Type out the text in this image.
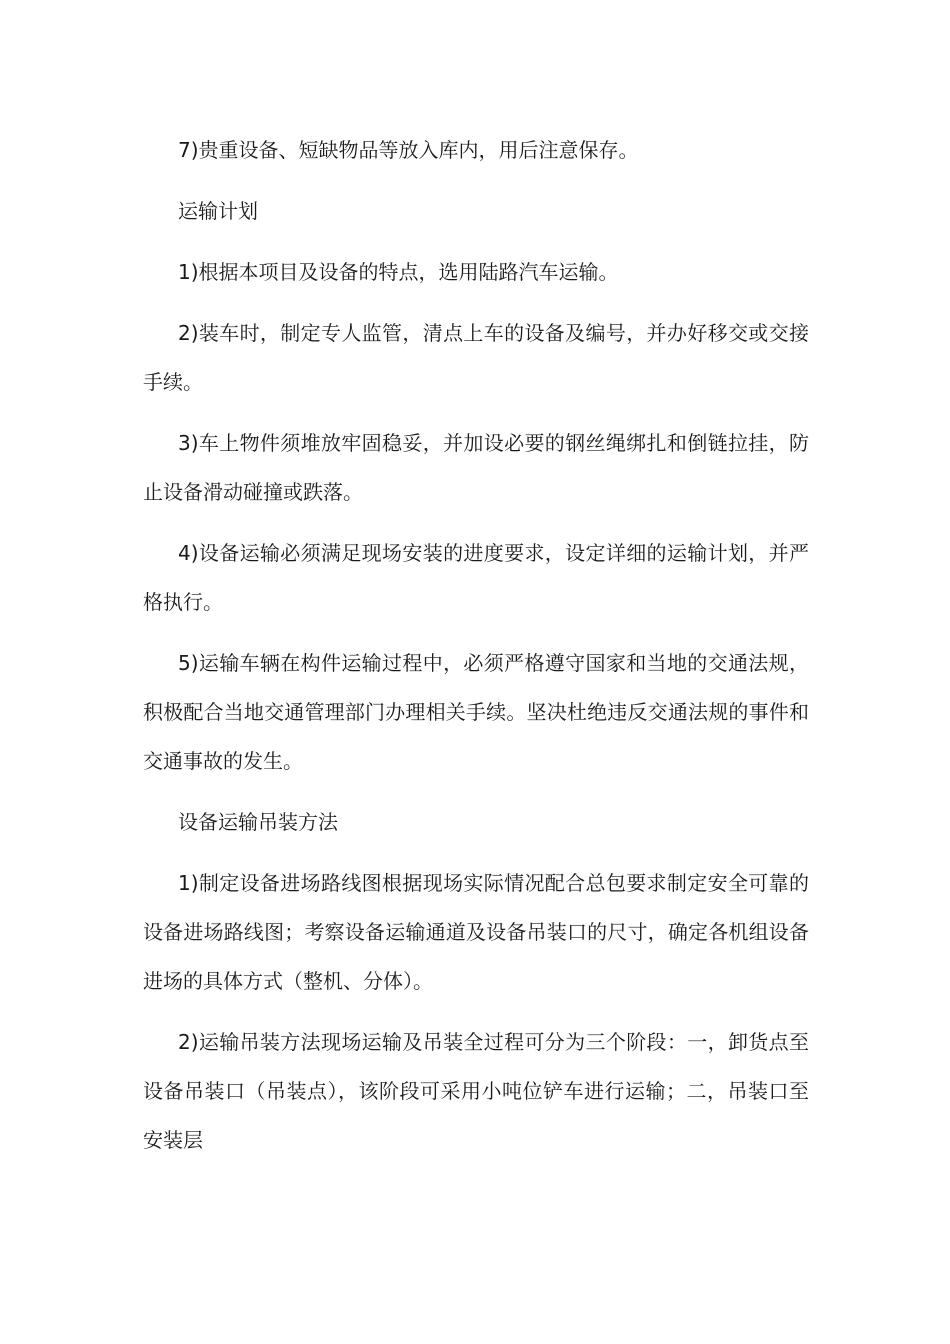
7)贵重设备、短缺物品等放入库内，用后注意保存。

运输计划

1)根据本项目及设备的特点，选用陆路汽车运输。

2)装车时，制定专人监管，清点上车的设备及编号，并办好移交或交接手续。

3)车上物件须堆放牢固稳妥，并加设必要的钢丝绳绑扎和倒链拉挂，防止设备滑动碰撞或跌落。

4)设备运输必须满足现场安装的进度要求，设定详细的运输计划，并严格执行。

5)运输车辆在构件运输过程中，必须严格遵守国家和当地的交通法规，积极配合当地交通管理部门办理相关手续。坚决杜绝违反交通法规的事件和交通事故的发生。

设备运输吊装方法

1)制定设备进场路线图根据现场实际情况配合总包要求制定安全可靠的设备进场路线图；考察设备运输通道及设备吊装口的尺寸，确定各机组设备进场的具体方式（整机、分体）。

2)运输吊装方法现场运输及吊装全过程可分为三个阶段：一，卸货点至设备吊装口（吊装点），该阶段可采用小吨位铲车进行运输；二，吊装口至安装层
